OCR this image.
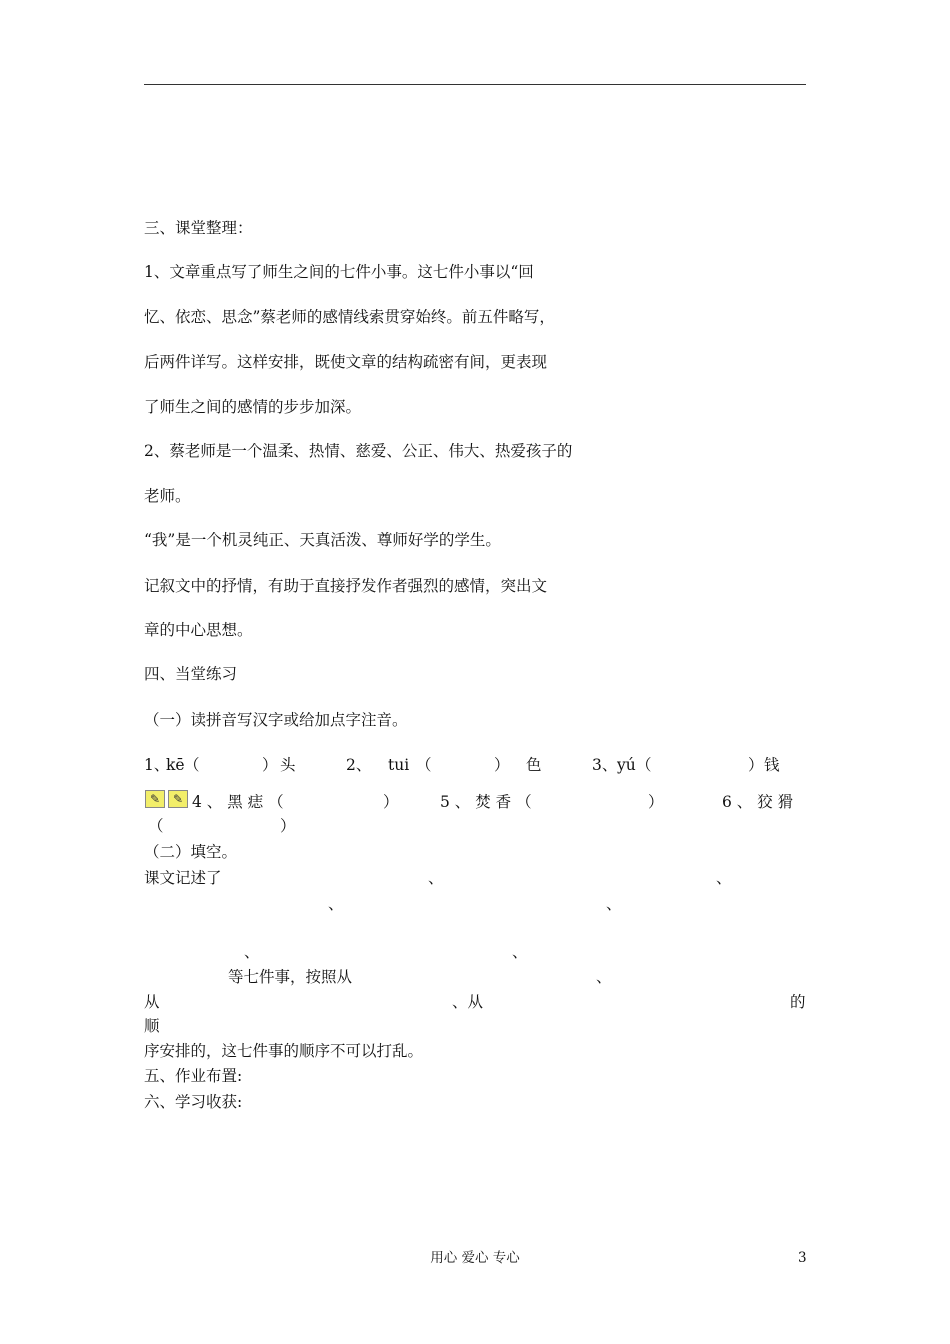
三、课堂整理：
1、文章重点写了师生之间的七件小事。这七件小事以“回
忆、依恋、思念”蔡老师的感情线索贯穿始终。前五件略写，
后两件详写。这样安排，既使文章的结构疏密有间，更表现
了师生之间的感情的步步加深。
2、蔡老师是一个温柔、热情、慈爱、公正、伟大、热爱孩子的
老师。
“我”是一个机灵纯正、天真活泼、尊师好学的学生。
记叙文中的抒情，有助于直接抒发作者强烈的感情，突出文
章的中心思想。
四、当堂练习
（一）读拼音写汉字或给加点字注音。
1、
kē （	） 头	2、 tui （	） 色	3、 yú （	） 钱
✎	✎ 4 、 黑 痣 （	）	5 、 焚 香 （	）	6 、 狡 猾
（	）
（二）填空。
课文记述了	、	、
、	、
、	、
等七件事，按照从	、
从	、从	的
顺
序安排的，这七件事的顺序不可以打乱。
五、作业布置:
六、学习收获:
用心 爱心 专心	3
